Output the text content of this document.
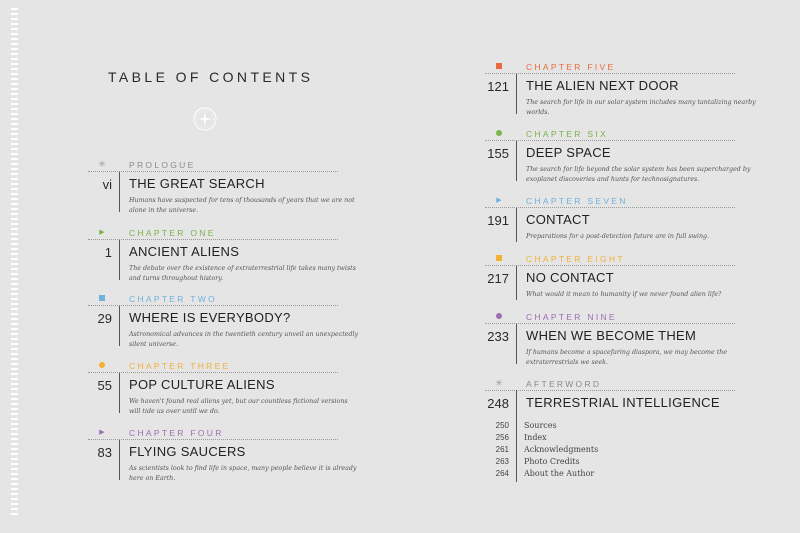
TABLE OF CONTENTS
✳	PROLOGUE
vi THE GREAT SEARCH
Humans have suspected for tens of thousands of years that we are not alone in the universe.
▶	CHAPTER ONE
1 ANCIENT ALIENS
The debate over the existence of extraterrestrial life takes many twists and turns throughout history.
CHAPTER TWO
29 WHERE IS EVERYBODY?
Astronomical advances in the twentieth century unveil an unexpectedly silent universe.
CHAPTER THREE
55 POP CULTURE ALIENS
We haven't found real aliens yet, but our countless fictional versions will tide us over until we do.
▶	CHAPTER FOUR
83 FLYING SAUCERS
As scientists look to find life in space, many people believe it is already here on Earth.
CHAPTER FIVE
121 THE ALIEN NEXT DOOR
The search for life in our solar system includes many tantalizing nearby worlds.
CHAPTER SIX
155 DEEP SPACE
The search for life beyond the solar system has been supercharged by exoplanet discoveries and hunts for technosignatures.
▶	CHAPTER SEVEN
191 CONTACT
Preparations for a post-detection future are in full swing.
CHAPTER EIGHT
217 NO CONTACT
What would it mean to humanity if we never found alien life?
CHAPTER NINE
233 WHEN WE BECOME THEM
If humans become a spacefaring diaspora, we may become the extraterrestrials we seek.
✳	AFTERWORD
248 TERRESTRIAL INTELLIGENCE
250 Sources
256 Index
261 Acknowledgments
263 Photo Credits
264 About the Author
